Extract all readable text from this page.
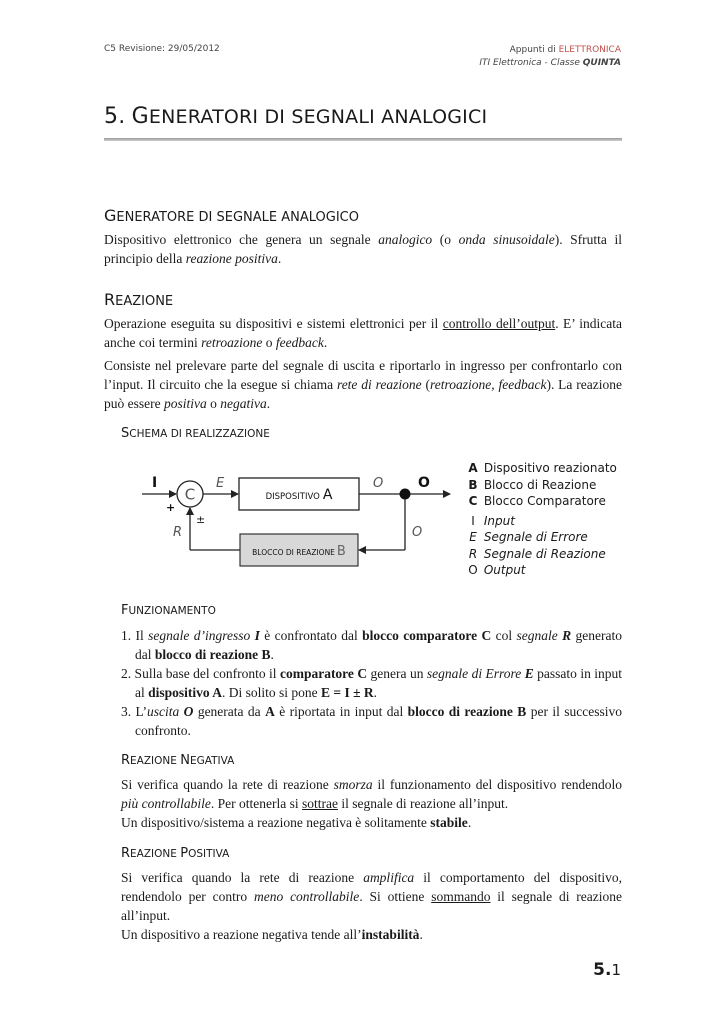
C5 Revisione: 29/05/2012	Appunti di ELETTRONICA
ITI Elettronica - Classe QUINTA
5. GENERATORI DI SEGNALI ANALOGICI
GENERATORE DI SEGNALE ANALOGICO

Dispositivo elettronico che genera un segnale analogico (o onda sinusoidale). Sfrutta il principio della reazione positiva.

REAZIONE

Operazione eseguita su dispositivi e sistemi elettronici per il controllo dell’output. E’ indicata anche coi termini retroazione o feedback.

Consiste nel prelevare parte del segnale di uscita e riportarlo in ingresso per confrontarlo con l’input. Il circuito che la esegue si chiama rete di reazione (retroazione, feedback). La reazione può essere positiva o negativa.

SCHEMA DI REALIZZAZIONE
I
C
+
±
E
R
O
O
O
DISPOSITIVO A
BLOCCO DI REAZIONE B
A Dispositivo reazionato
B Blocco di Reazione
C Blocco Comparatore
I Input
E Segnale di Errore
R Segnale di Reazione
O Output
FUNZIONAMENTO
1. Il segnale d’ingresso I è confrontato dal blocco comparatore C col segnale R generato dal blocco di reazione B.
2. Sulla base del confronto il comparatore C genera un segnale di Errore E passato in input al dispositivo A. Di solito si pone E = I ± R.
3. L’uscita O generata da A è riportata in input dal blocco di reazione B per il successivo confronto.
REAZIONE NEGATIVA

Si verifica quando la rete di reazione smorza il funzionamento del dispositivo rendendolo più controllabile. Per ottenerla si sottrae il segnale di reazione all’input.

Un dispositivo/sistema a reazione negativa è solitamente stabile.

REAZIONE POSITIVA

Si verifica quando la rete di reazione amplifica il comportamento del dispositivo, rendendolo per contro meno controllabile. Si ottiene sommando il segnale di reazione all’input.

Un dispositivo a reazione negativa tende all’instabilità.

5.1
